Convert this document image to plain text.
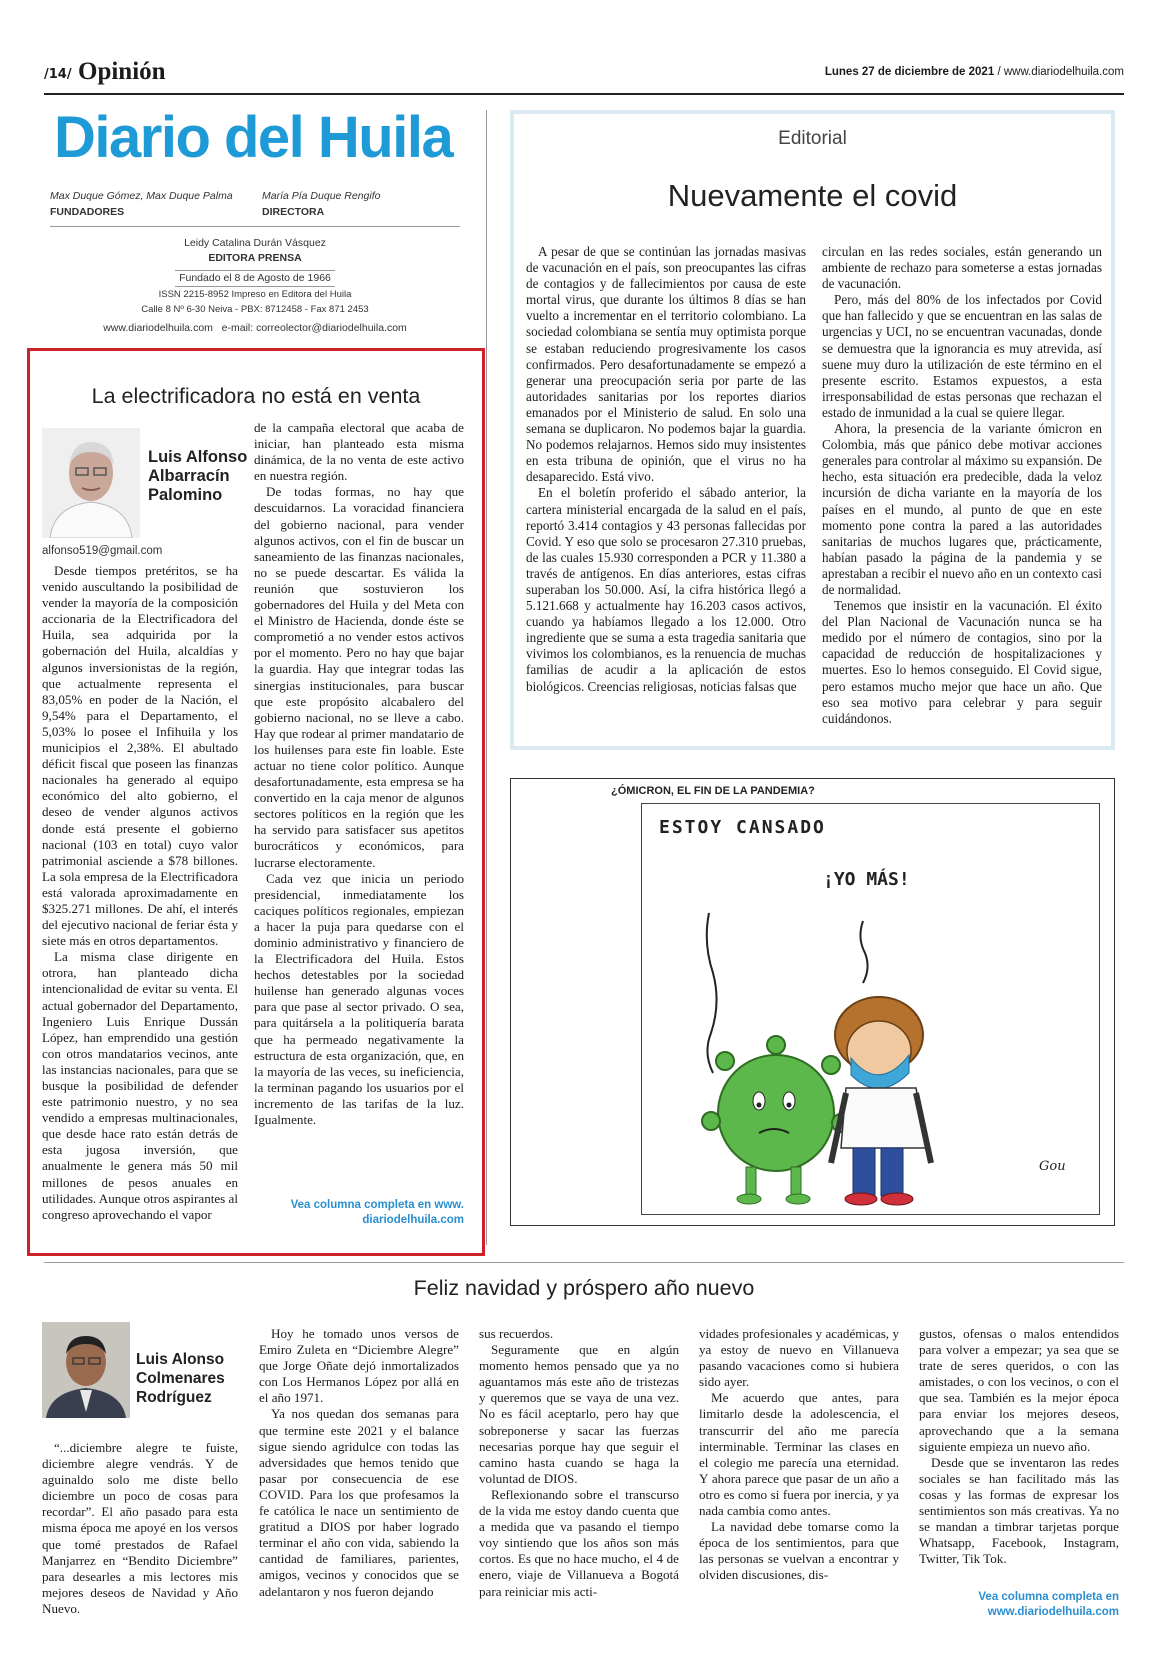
/14/ Opinión	Lunes 27 de diciembre de 2021 / www.diariodelhuila.com
Diario del Huila
Max Duque Gómez, Max Duque Palma
FUNDADORES
María Pía Duque Rengifo
DIRECTORA
Leidy Catalina Durán Vásquez
EDITORA PRENSA
Fundado el 8 de Agosto de 1966
ISSN 2215-8952 Impreso en Editora del Huila
Calle 8 Nº 6-30 Neiva - PBX: 8712458 - Fax 871 2453
www.diariodelhuila.com   e-mail: correolector@diariodelhuila.com
Editorial
Nuevamente el covid

A pesar de que se continúan las jornadas masivas de vacunación en el país, son preocupantes las cifras de contagios y de fallecimientos por causa de este mortal virus, que durante los últimos 8 días se han vuelto a incrementar en el territorio colombiano. La sociedad colombiana se sentía muy optimista porque se estaban reduciendo progresivamente los casos confirmados. Pero desafortunadamente se empezó a generar una preocupación seria por parte de las autoridades sanitarias por los reportes diarios emanados por el Ministerio de salud. En solo una semana se duplicaron. No podemos bajar la guardia. No podemos relajarnos. Hemos sido muy insistentes en esta tribuna de opinión, que el virus no ha desaparecido. Está vivo.

En el boletín proferido el sábado anterior, la cartera ministerial encargada de la salud en el país, reportó 3.414 contagios y 43 personas fallecidas por Covid. Y eso que solo se procesaron 27.310 pruebas, de las cuales 15.930 corresponden a PCR y 11.380 a través de antígenos. En días anteriores, estas cifras superaban los 50.000. Así, la cifra histórica llegó a 5.121.668 y actualmente hay 16.203 casos activos, cuando ya habíamos llegado a los 12.000. Otro ingrediente que se suma a esta tragedia sanitaria que vivimos los colombianos, es la renuencia de muchas familias de acudir a la aplicación de estos biológicos. Creencias religiosas, noticias falsas que

circulan en las redes sociales, están generando un ambiente de rechazo para someterse a estas jornadas de vacunación.

Pero, más del 80% de los infectados por Covid que han fallecido y que se encuentran en las salas de urgencias y UCI, no se encuentran vacunadas, donde se demuestra que la ignorancia es muy atrevida, así suene muy duro la utilización de este término en el presente escrito. Estamos expuestos, a esta irresponsabilidad de estas personas que rechazan el estado de inmunidad a la cual se quiere llegar.

Ahora, la presencia de la variante ómicron en Colombia, más que pánico debe motivar acciones generales para controlar al máximo su expansión. De hecho, esta situación era predecible, dada la veloz incursión de dicha variante en la mayoría de los países en el mundo, al punto de que en este momento pone contra la pared a las autoridades sanitarias de muchos lugares que, prácticamente, habían pasado la página de la pandemia y se aprestaban a recibir el nuevo año en un contexto casi de normalidad.

Tenemos que insistir en la vacunación. El éxito del Plan Nacional de Vacunación nunca se ha medido por el número de contagios, sino por la capacidad de reducción de hospitalizaciones y muertes. Eso lo hemos conseguido. El Covid sigue, pero estamos mucho mejor que hace un año. Que eso sea motivo para celebrar y para seguir cuidándonos.

La electrificadora no está en venta
Luis Alfonso Albarracín Palomino
alfonso519@gmail.com

Desde tiempos pretéritos, se ha venido auscultando la posibilidad de vender la mayoría de la composición accionaria de la Electrificadora del Huila, sea adquirida por la gobernación del Huila, alcaldías y algunos inversionistas de la región, que actualmente representa el 83,05% en poder de la Nación, el 9,54% para el Departamento, el 5,03% lo posee el Infihuila y los municipios el 2,38%. El abultado déficit fiscal que poseen las finanzas nacionales ha generado al equipo económico del alto gobierno, el deseo de vender algunos activos donde está presente el gobierno nacional (103 en total) cuyo valor patrimonial asciende a $78 billones. La sola empresa de la Electrificadora está valorada aproximadamente en $325.271 millones. De ahí, el interés del ejecutivo nacional de feriar ésta y siete más en otros departamentos.

La misma clase dirigente en otrora, han planteado dicha intencionalidad de evitar su venta. El actual gobernador del Departamento, Ingeniero Luis Enrique Dussán López, han emprendido una gestión con otros mandatarios vecinos, ante las instancias nacionales, para que se busque la posibilidad de defender este patrimonio nuestro, y no sea vendido a empresas multinacionales, que desde hace rato están detrás de esta jugosa inversión, que anualmente le genera más 50 mil millones de pesos anuales en utilidades. Aunque otros aspirantes al congreso aprovechando el vapor

de la campaña electoral que acaba de iniciar, han planteado esta misma dinámica, de la no venta de este activo en nuestra región.

De todas formas, no hay que descuidarnos. La voracidad financiera del gobierno nacional, para vender algunos activos, con el fin de buscar un saneamiento de las finanzas nacionales, no se puede descartar. Es válida la reunión que sostuvieron los gobernadores del Huila y del Meta con el Ministro de Hacienda, donde éste se comprometió a no vender estos activos por el momento. Pero no hay que bajar la guardia. Hay que integrar todas las sinergias institucionales, para buscar que este propósito alcabalero del gobierno nacional, no se lleve a cabo. Hay que rodear al primer mandatario de los huilenses para este fin loable. Este actuar no tiene color político. Aunque desafortunadamente, esta empresa se ha convertido en la caja menor de algunos sectores políticos en la región que les ha servido para satisfacer sus apetitos burocráticos y económicos, para lucrarse electoramente.

Cada vez que inicia un periodo presidencial, inmediatamente los caciques políticos regionales, empiezan a hacer la puja para quedarse con el dominio administrativo y financiero de la Electrificadora del Huila. Estos hechos detestables por la sociedad huilense han generado algunas voces para que pase al sector privado. O sea, para quitársela a la politiquería barata que ha permeado negativamente la estructura de esta organización, que, en la mayoría de las veces, su ineficiencia, la terminan pagando los usuarios por el incremento de las tarifas de la luz. Igualmente.

Vea columna completa en www.
diariodelhuila.com
¿ÓMICRON, EL FIN DE LA PANDEMIA?
ESTOY CANSADO
¡YO MÁS!
Gou
Feliz navidad y próspero año nuevo
Luis Alonso Colmenares Rodríguez

“...diciembre alegre te fuiste, diciembre alegre vendrás. Y de aguinaldo solo me diste bello diciembre un poco de cosas para recordar”. El año pasado para esta misma época me apoyé en los versos que tomé prestados de Rafael Manjarrez en “Bendito Diciembre” para desearles a mis lectores mis mejores deseos de Navidad y Año Nuevo.

Hoy he tomado unos versos de Emiro Zuleta en “Diciembre Alegre” que Jorge Oñate dejó inmortalizados con Los Hermanos López por allá en el año 1971.

Ya nos quedan dos semanas para que termine este 2021 y el balance sigue siendo agridulce con todas las adversidades que hemos tenido que pasar por consecuencia de ese COVID. Para los que profesamos la fe católica le nace un sentimiento de gratitud a DIOS por haber logrado terminar el año con vida, sabiendo la cantidad de familiares, parientes, amigos, vecinos y conocidos que se adelantaron y nos fueron dejando

sus recuerdos.

Seguramente que en algún momento hemos pensado que ya no aguantamos más este año de tristezas y queremos que se vaya de una vez. No es fácil aceptarlo, pero hay que sobreponerse y sacar las fuerzas necesarias porque hay que seguir el camino hasta cuando se haga la voluntad de DIOS.

Reflexionando sobre el transcurso de la vida me estoy dando cuenta que a medida que va pasando el tiempo voy sintiendo que los años son más cortos. Es que no hace mucho, el 4 de enero, viaje de Villanueva a Bogotá para reiniciar mis acti-

vidades profesionales y académicas, y ya estoy de nuevo en Villanueva pasando vacaciones como si hubiera sido ayer.

Me acuerdo que antes, para limitarlo desde la adolescencia, el transcurrir del año me parecía interminable. Terminar las clases en el colegio me parecía una eternidad. Y ahora parece que pasar de un año a otro es como si fuera por inercia, y ya nada cambia como antes.

La navidad debe tomarse como la época de los sentimientos, para que las personas se vuelvan a encontrar y olviden discusiones, dis-

gustos, ofensas o malos entendidos para volver a empezar; ya sea que se trate de seres queridos, o con las amistades, o con los vecinos, o con el que sea. También es la mejor época para enviar los mejores deseos, aprovechando que a la semana siguiente empieza un nuevo año.

Desde que se inventaron las redes sociales se han facilitado más las cosas y las formas de expresar los sentimientos son más creativas. Ya no se mandan a timbrar tarjetas porque Whatsapp, Facebook, Instagram, Twitter, Tik Tok.

Vea columna completa en
www.diariodelhuila.com
